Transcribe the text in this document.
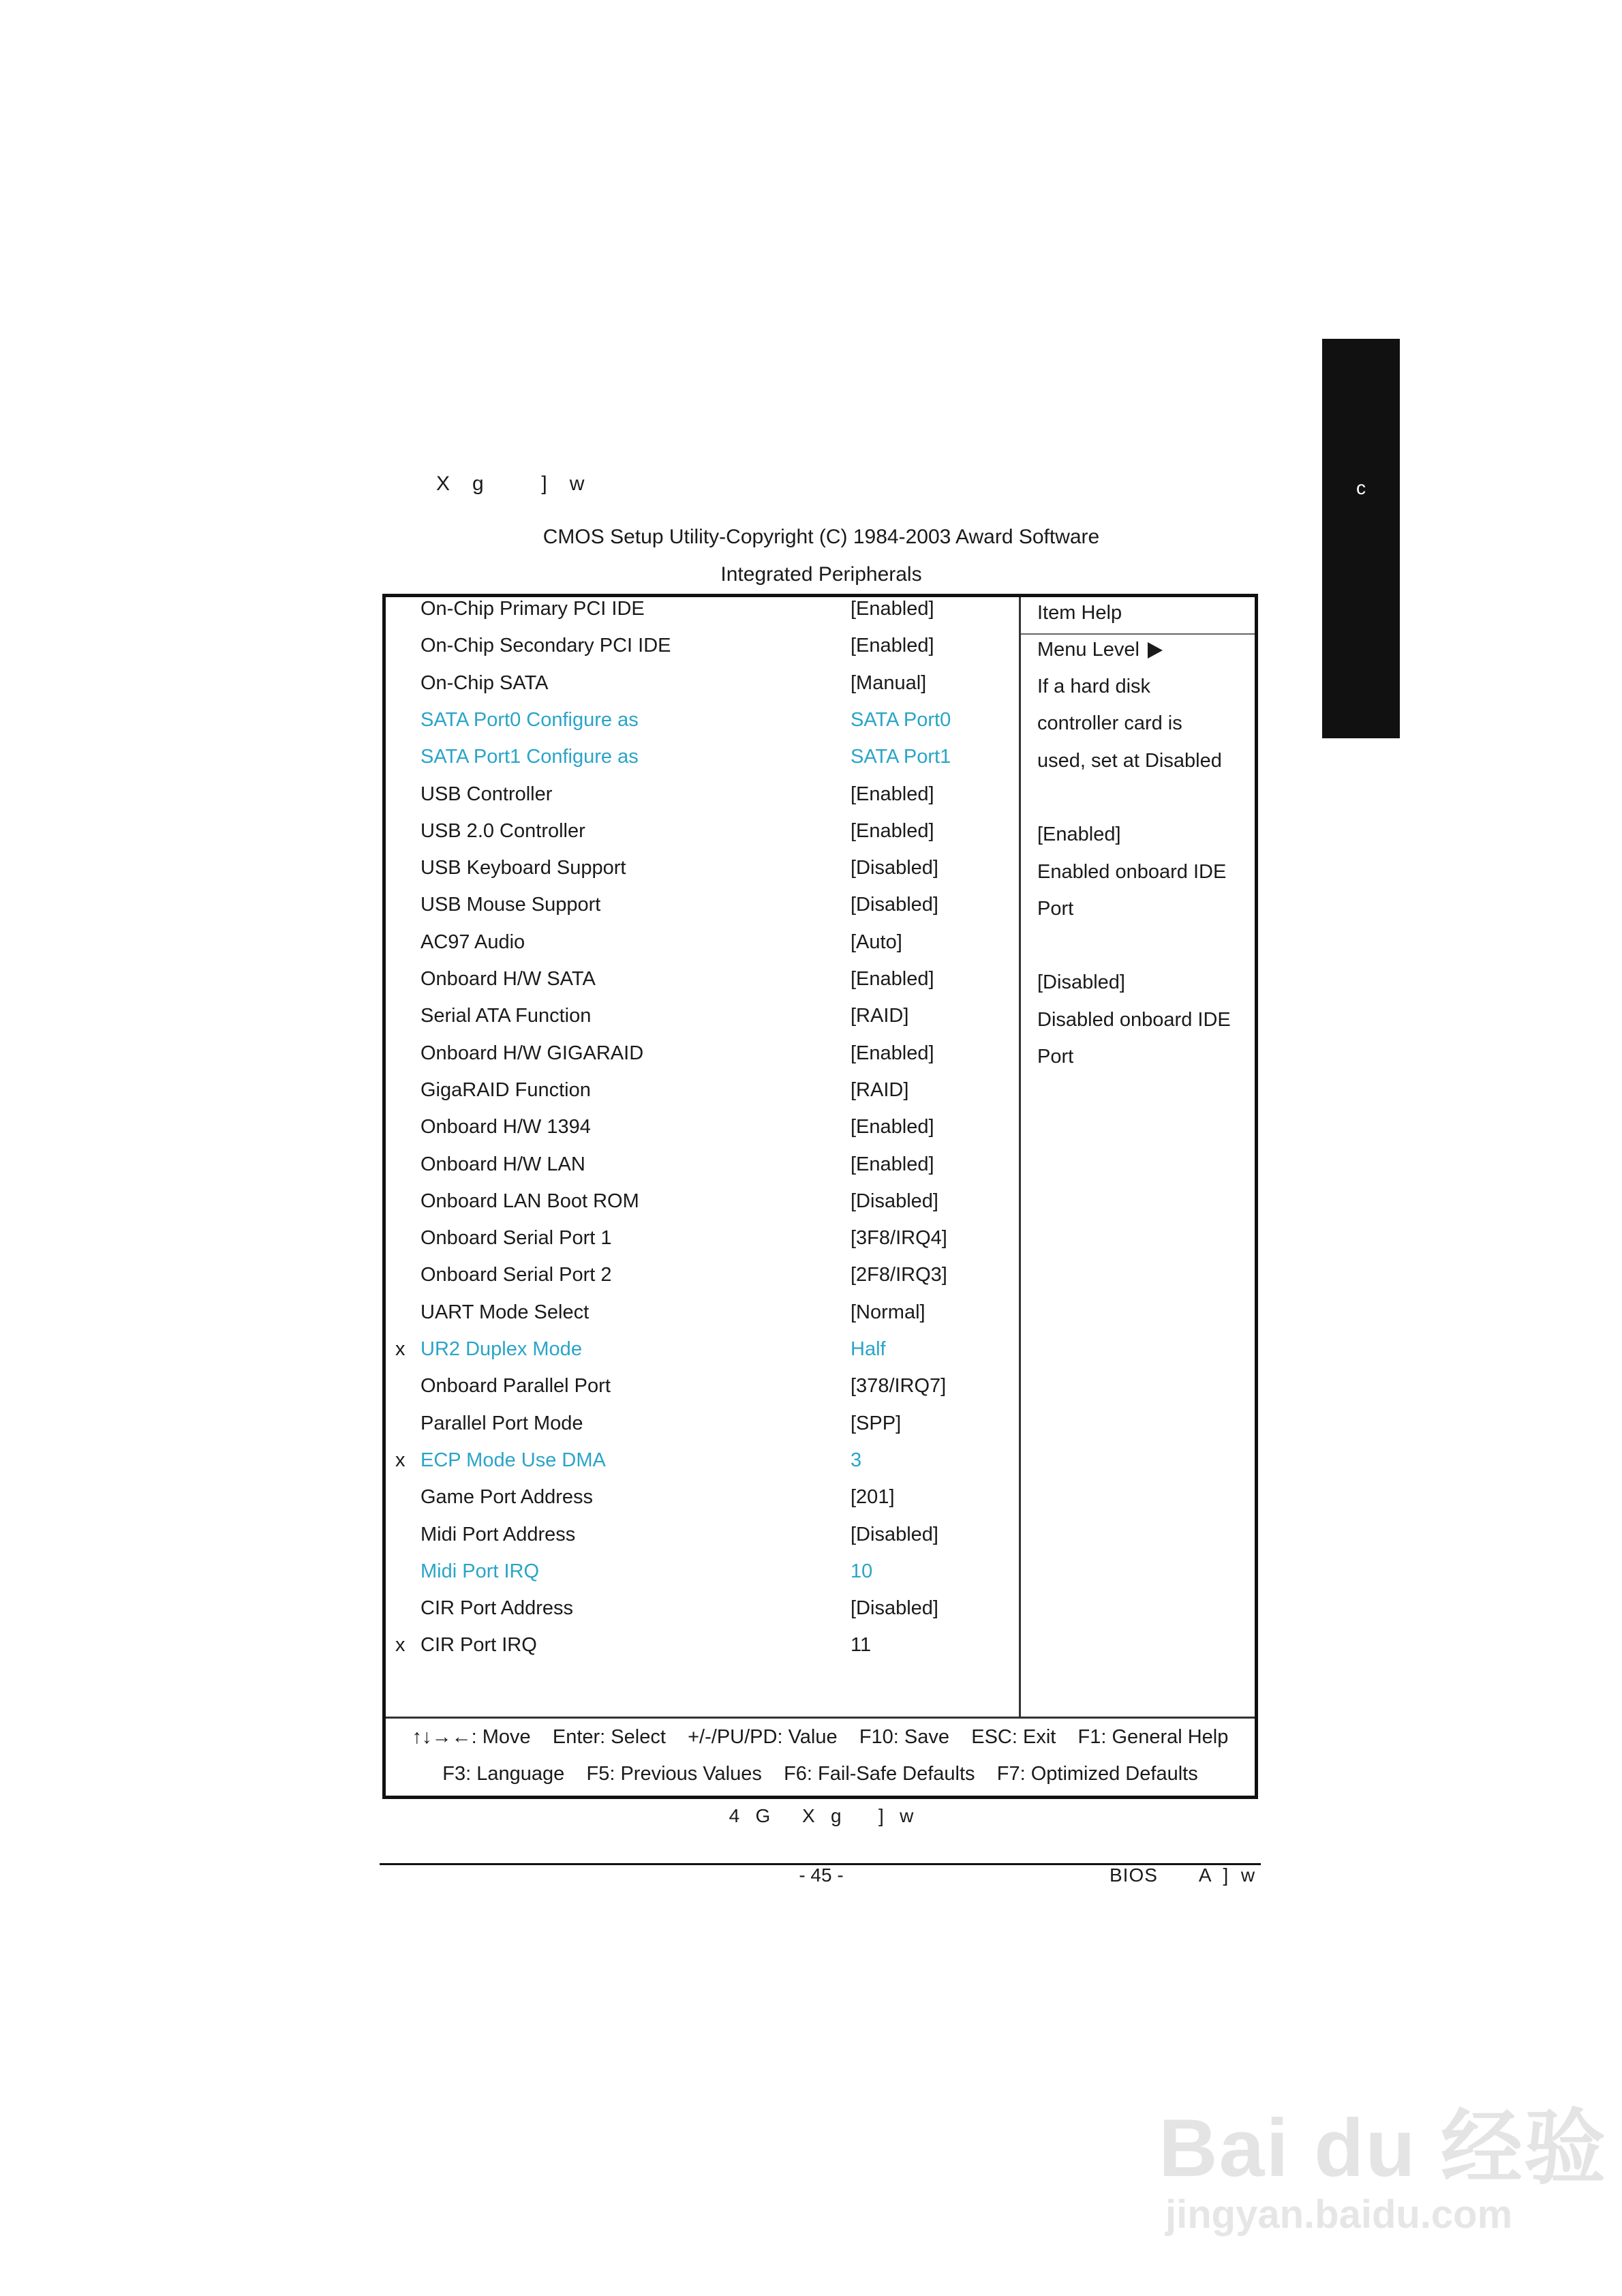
c
X   g        ]   w
CMOS Setup Utility-Copyright (C) 1984-2003 Award Software
Integrated Peripherals
On-Chip Primary PCI IDE	[Enabled]
On-Chip Secondary PCI IDE	[Enabled]
On-Chip SATA	[Manual]
SATA Port0 Configure as	SATA Port0
SATA Port1 Configure as	SATA Port1
USB Controller	[Enabled]
USB 2.0 Controller	[Enabled]
USB Keyboard Support	[Disabled]
USB Mouse Support	[Disabled]
AC97 Audio	[Auto]
Onboard H/W SATA	[Enabled]
Serial ATA Function	[RAID]
Onboard H/W GIGARAID	[Enabled]
GigaRAID Function	[RAID]
Onboard H/W 1394	[Enabled]
Onboard H/W LAN	[Enabled]
Onboard LAN Boot ROM	[Disabled]
Onboard Serial Port 1	[3F8/IRQ4]
Onboard Serial Port 2	[2F8/IRQ3]
UART Mode Select	[Normal]
x UR2 Duplex Mode	Half
Onboard Parallel Port	[378/IRQ7]
Parallel Port Mode	[SPP]
x ECP Mode Use DMA	3
Game Port Address	[201]
Midi Port Address	[Disabled]
Midi Port IRQ	10
CIR Port Address	[Disabled]
x CIR Port IRQ	11
Item Help
Menu Level
If a hard disk
controller card is
used, set at Disabled
[Enabled]
Enabled onboard IDE
Port
[Disabled]
Disabled onboard IDE
Port
↑↓→←: Move    Enter: Select    +/-/PU/PD: Value    F10: Save    ESC: Exit    F1: General Help
F3: Language    F5: Previous Values    F6: Fail-Safe Defaults    F7: Optimized Defaults
4   G      X   g       ]   w
- 45 -	BIOS       A  ]  w
Bai du 经验
jingyan.baidu.com
